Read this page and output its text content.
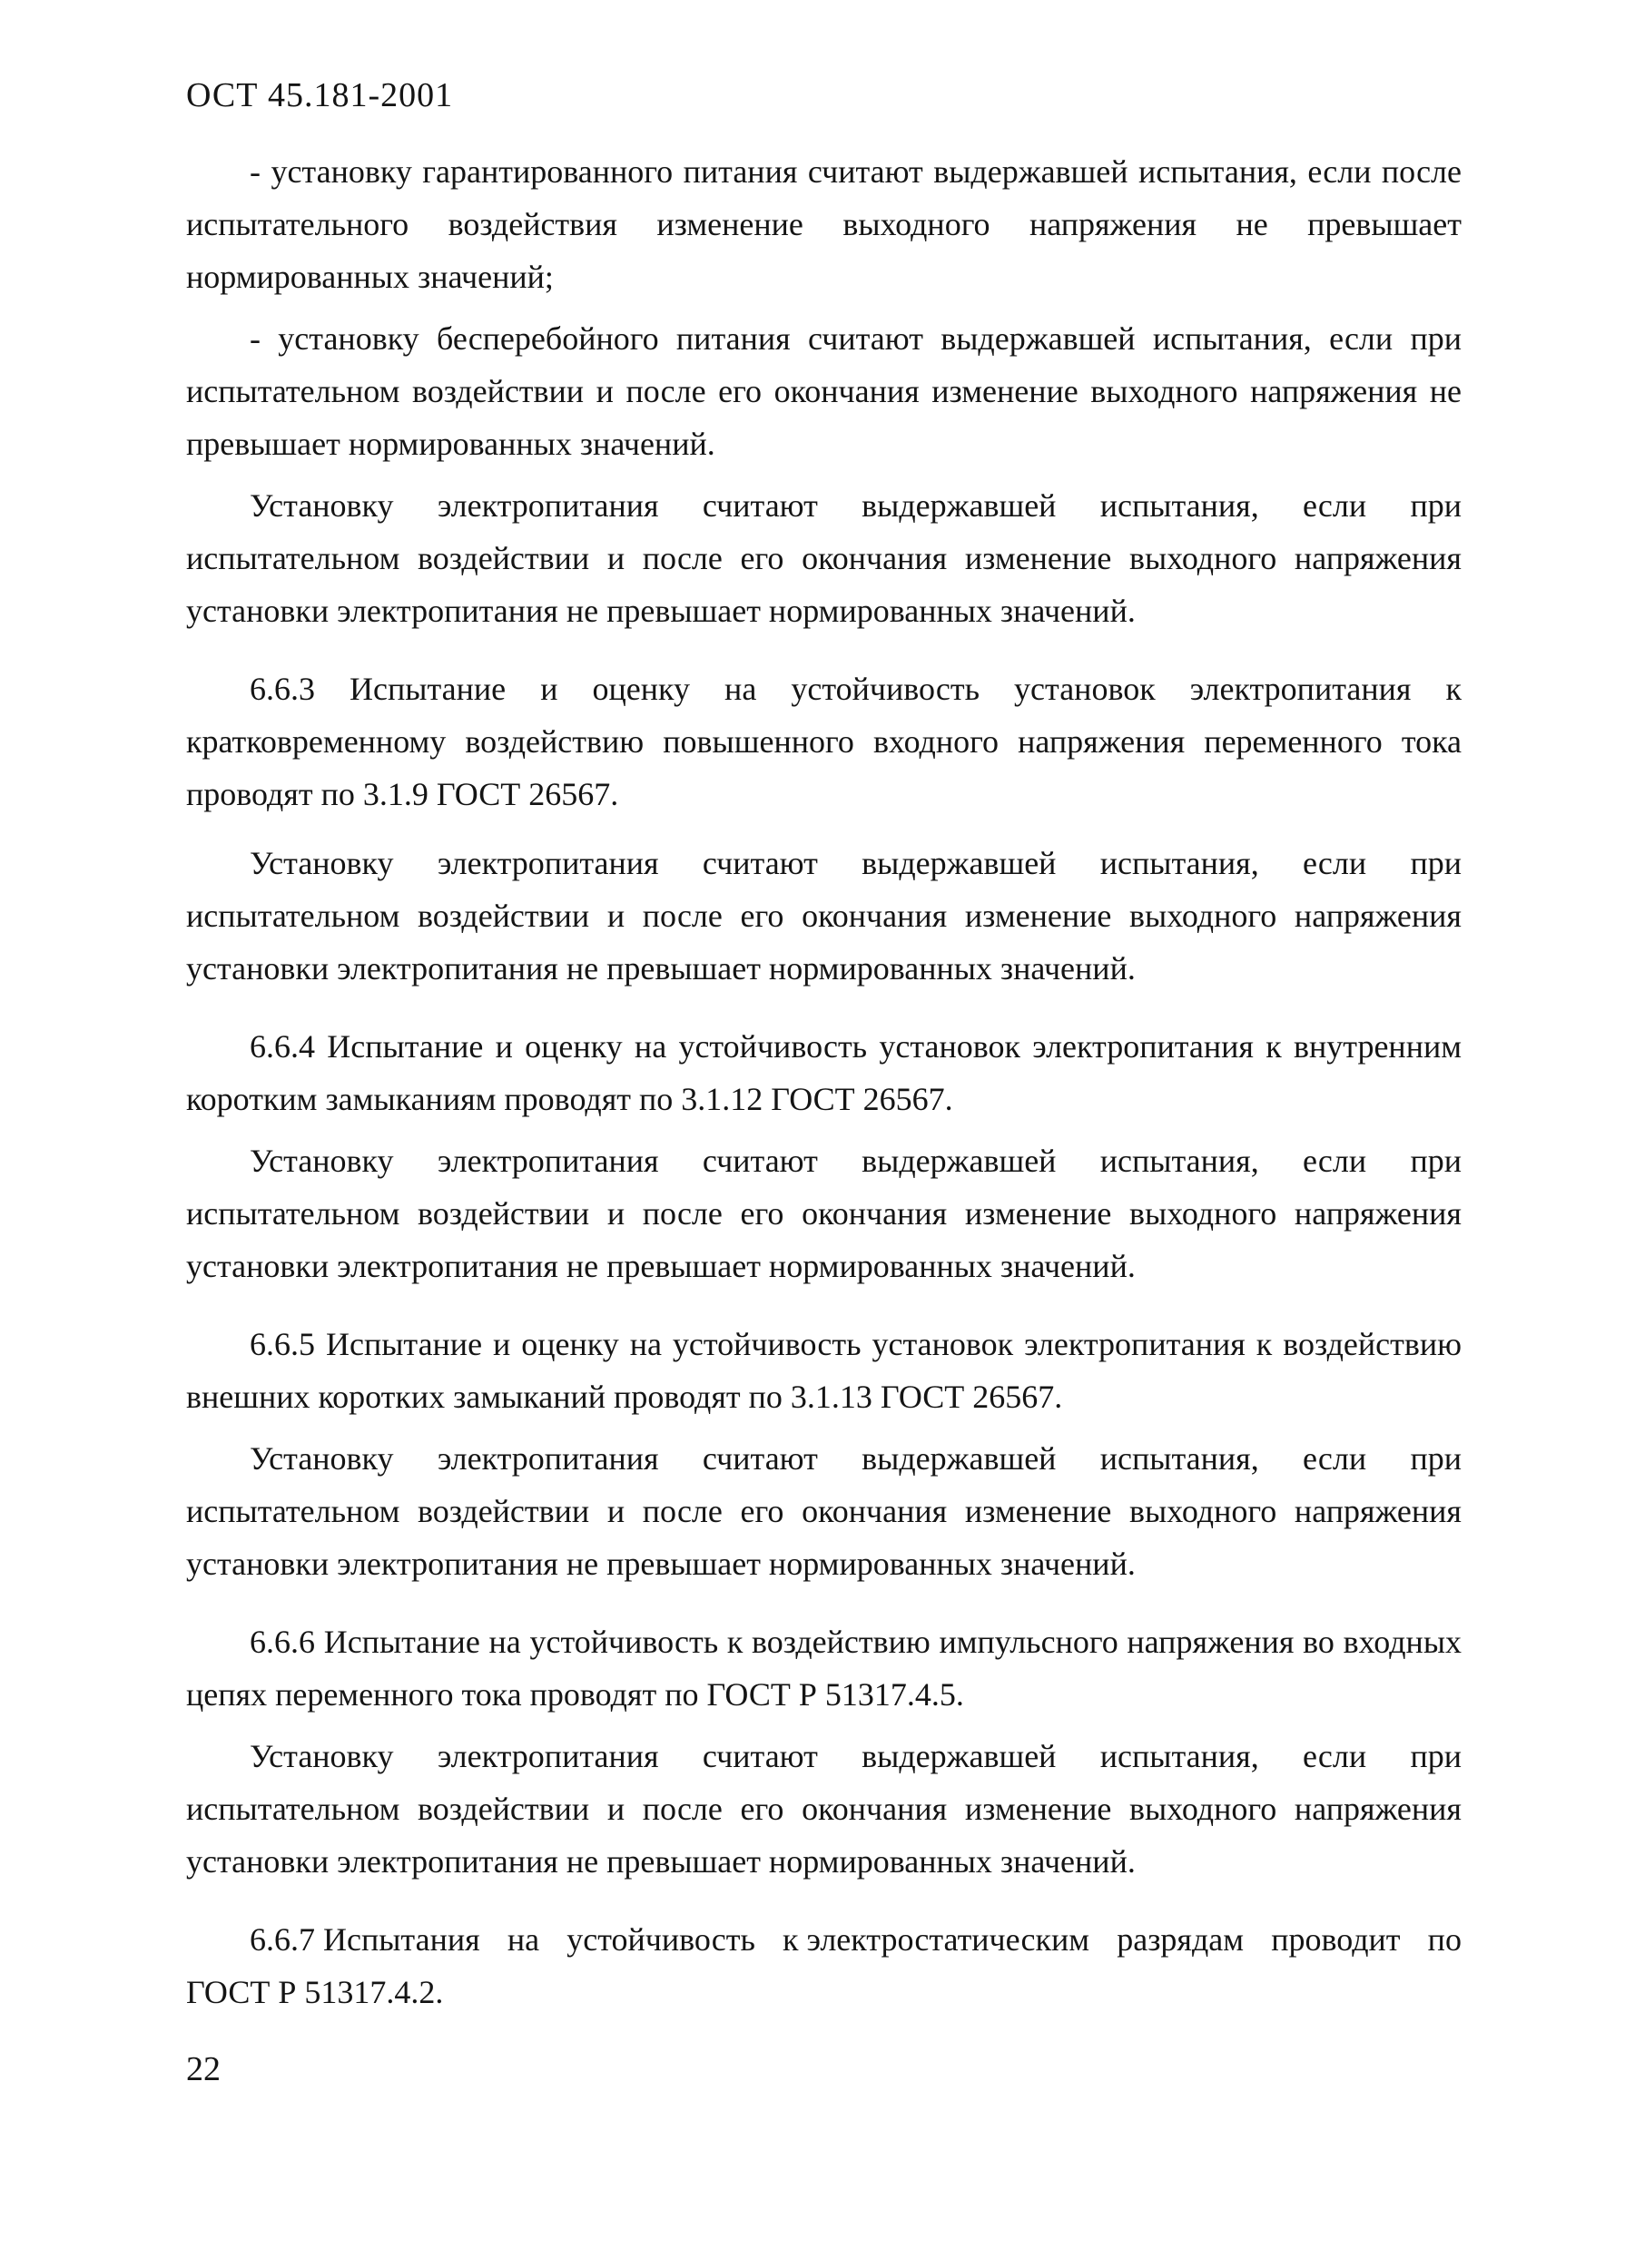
ОСТ 45.181-2001

- установку гарантированного питания считают выдержавшей испытания, если после испытательного воздействия изменение выходного напряжения не превышает нормированных значений;

- установку бесперебойного питания считают выдержавшей испытания, если при испытательном воздействии и после его окончания изменение выходного напряжения не превышает нормированных значений.

Установку электропитания считают выдержавшей испытания, если при испытательном воздействии и после его окончания изменение выходного напряжения установки электропитания не превышает нормированных значений.

6.6.3 Испытание и оценку на устойчивость установок электропитания к кратковременному воздействию повышенного входного напряжения переменного тока проводят по 3.1.9 ГОСТ 26567.

Установку электропитания считают выдержавшей испытания, если при испытательном воздействии и после его окончания изменение выходного напряжения установки электропитания не превышает нормированных значений.

6.6.4 Испытание и оценку на устойчивость установок электропитания к внутренним коротким замыканиям проводят по 3.1.12 ГОСТ 26567.

Установку электропитания считают выдержавшей испытания, если при испытательном воздействии и после его окончания изменение выходного напряжения установки электропитания не превышает нормированных значений.

6.6.5 Испытание и оценку на устойчивость установок электропитания к воздействию внешних коротких замыканий проводят по 3.1.13 ГОСТ 26567.

Установку электропитания считают выдержавшей испытания, если при испытательном воздействии и после его окончания изменение выходного напряжения установки электропитания не превышает нормированных значений.

6.6.6 Испытание на устойчивость к воздействию импульсного напряжения во входных цепях переменного тока проводят по ГОСТ Р 51317.4.5.

Установку электропитания считают выдержавшей испытания, если при испытательном воздействии и после его окончания изменение выходного напряжения установки электропитания не превышает нормированных значений.

6.6.7 Испытания на устойчивость к электростатическим разрядам проводит по
ГОСТ Р 51317.4.2.
22
